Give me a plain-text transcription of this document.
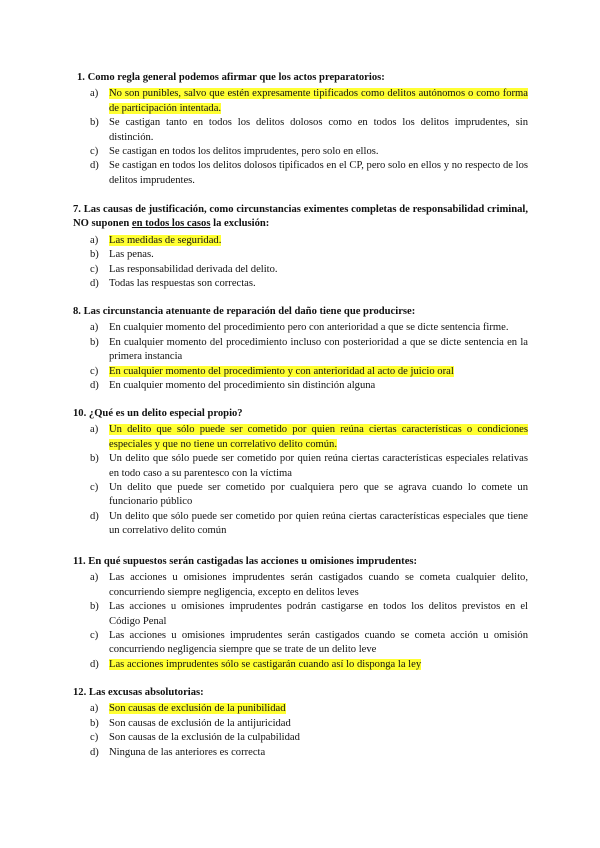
1. Como regla general podemos afirmar que los actos preparatorios:
a) No son punibles, salvo que estén expresamente tipificados como delitos autónomos o como forma de participación intentada.
b) Se castigan tanto en todos los delitos dolosos como en todos los delitos imprudentes, sin distinción.
c) Se castigan en todos los delitos imprudentes, pero solo en ellos.
d) Se castigan en todos los delitos dolosos tipificados en el CP, pero solo en ellos y no respecto de los delitos imprudentes.
7. Las causas de justificación, como circunstancias eximentes completas de responsabilidad criminal, NO suponen en todos los casos la exclusión:
a) Las medidas de seguridad.
b) Las penas.
c) Las responsabilidad derivada del delito.
d) Todas las respuestas son correctas.
8. Las circunstancia atenuante de reparación del daño tiene que producirse:
a) En cualquier momento del procedimiento pero con anterioridad a que se dicte sentencia firme.
b) En cualquier momento del procedimiento incluso con posterioridad a que se dicte sentencia en la primera instancia
c) En cualquier momento del procedimiento y con anterioridad al acto de juicio oral
d) En cualquier momento del procedimiento sin distinción alguna
10. ¿Qué es un delito especial propio?
a) Un delito que sólo puede ser cometido por quien reúna ciertas características o condiciones especiales y que no tiene un correlativo delito común.
b) Un delito que sólo puede ser cometido por quien reúna ciertas características especiales relativas en todo caso a su parentesco con la víctima
c) Un delito que puede ser cometido por cualquiera pero que se agrava cuando lo comete un funcionario público
d) Un delito que sólo puede ser cometido por quien reúna ciertas características especiales que tiene un correlativo delito común
11. En qué supuestos serán castigadas las acciones u omisiones imprudentes:
a) Las acciones u omisiones imprudentes serán castigados cuando se cometa cualquier delito, concurriendo siempre negligencia, excepto en delitos leves
b) Las acciones u omisiones imprudentes podrán castigarse en todos los delitos previstos en el Código Penal
c) Las acciones u omisiones imprudentes serán castigados cuando se cometa acción u omisión concurriendo negligencia siempre que se trate de un delito leve
d) Las acciones imprudentes sólo se castigarán cuando así lo disponga la ley
12. Las excusas absolutorias:
a) Son causas de exclusión de la punibilidad
b) Son causas de exclusión de la antijuricidad
c) Son causas de la exclusión de la culpabilidad
d) Ninguna de las anteriores es correcta
